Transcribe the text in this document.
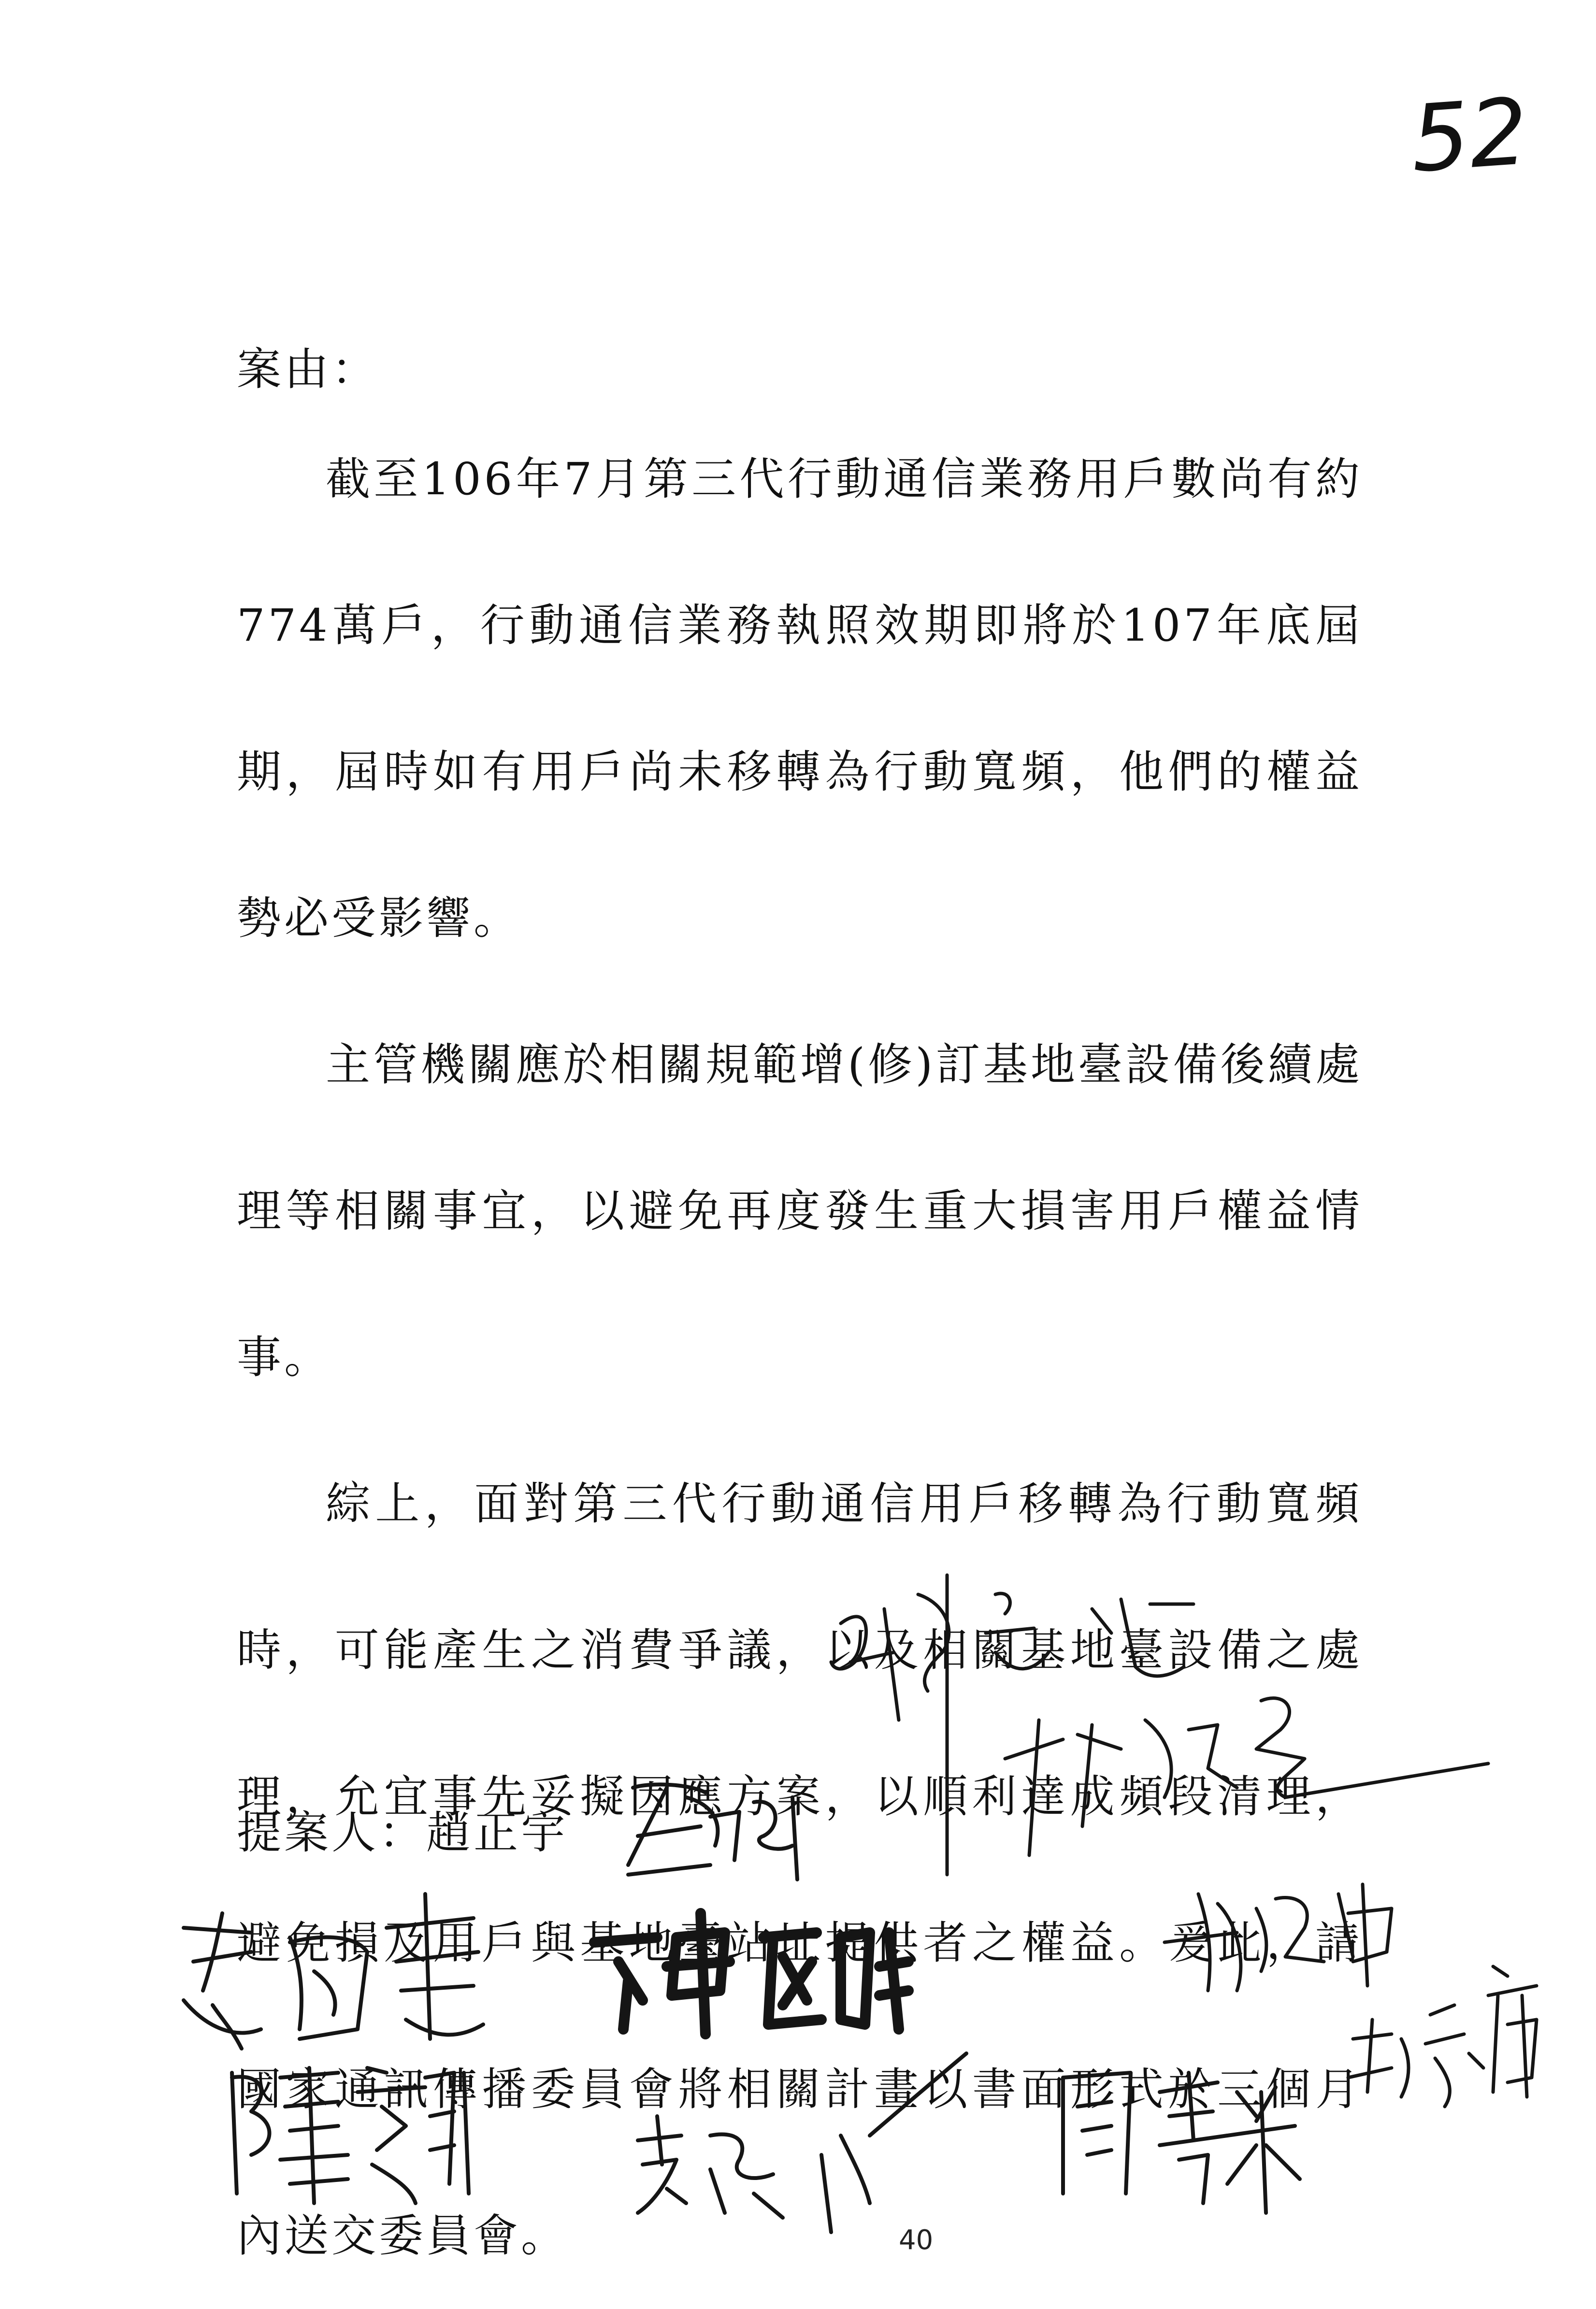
52
案由：

截至106年7月第三代行動通信業務用戶數尚有約774萬戶，行動通信業務執照效期即將於107年底屆期，屆時如有用戶尚未移轉為行動寬頻，他們的權益勢必受影響。

主管機關應於相關規範增(修)訂基地臺設備後續處理等相關事宜，以避免再度發生重大損害用戶權益情事。

綜上，面對第三代行動通信用戶移轉為行動寬頻時，可能產生之消費爭議，以及相關基地臺設備之處理，允宜事先妥擬因應方案，以順利達成頻段清理，避免損及用戶與基地臺站址提供者之權益。爰此，請國家通訊傳播委員會將相關計畫以書面形式於三個月內送交委員會。

提案人：趙正宇
40
